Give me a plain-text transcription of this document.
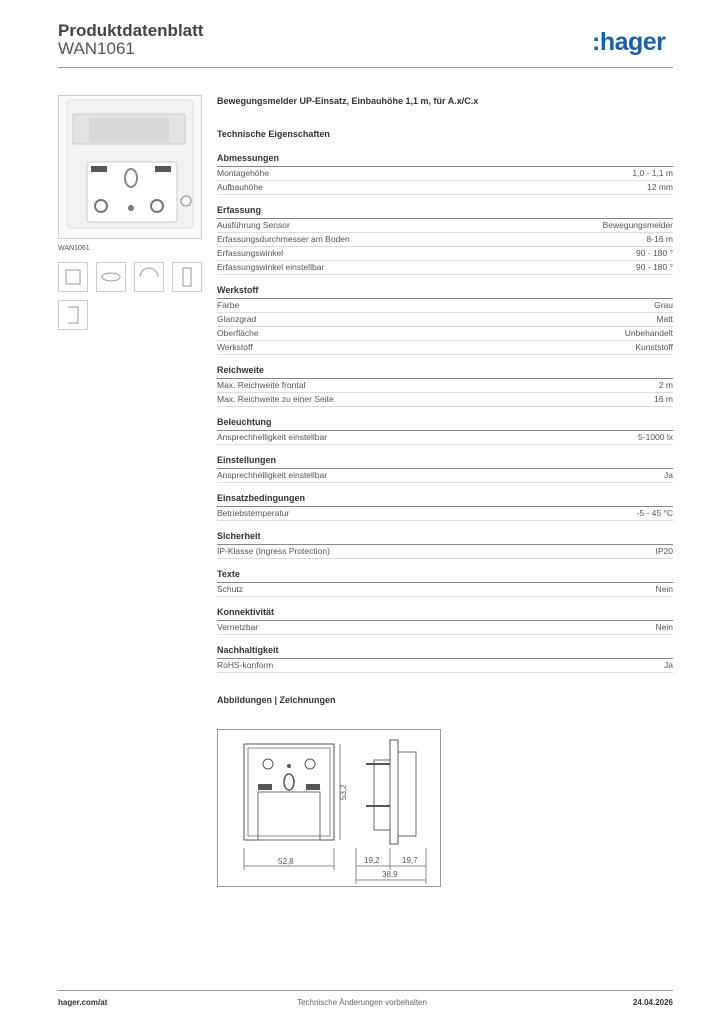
Produktdatenblatt
WAN1061	:hager
WAN1061
Bewegungsmelder UP-Einsatz, Einbauhöhe 1,1 m, für A.x/C.x
Technische Eigenschaften
Abmessungen
Montagehöhe	1,0 - 1,1 m
Aufbauhöhe	12 mm
Erfassung
Ausführung Sensor	Bewegungsmelder
Erfassungsdurchmesser am Boden	8-16 m
Erfassungswinkel	90 - 180 °
Erfassungswinkel einstellbar	90 - 180 °
Werkstoff
Farbe	Grau
Glanzgrad	Matt
Oberfläche	Unbehandelt
Werkstoff	Kunststoff
Reichweite
Max. Reichweite frontal	2 m
Max. Reichweite zu einer Seite	16 m
Beleuchtung
Ansprechhelligkeit einstellbar	5-1000 lx
Einstellungen
Ansprechhelligkeit einstellbar	Ja
Einsatzbedingungen
Betriebstemperatur	-5 - 45 °C
Sicherheit
IP-Klasse (Ingress Protection)	IP20
Texte
Schutz	Nein
Konnektivität
Vernetzbar	Nein
Nachhaltigkeit
RoHS-konform	Ja
Abbildungen | Zeichnungen
52,8
53,2
19,2	19,7
38,9
hager.com/at	Technische Änderungen vorbehalten	24.04.2026
